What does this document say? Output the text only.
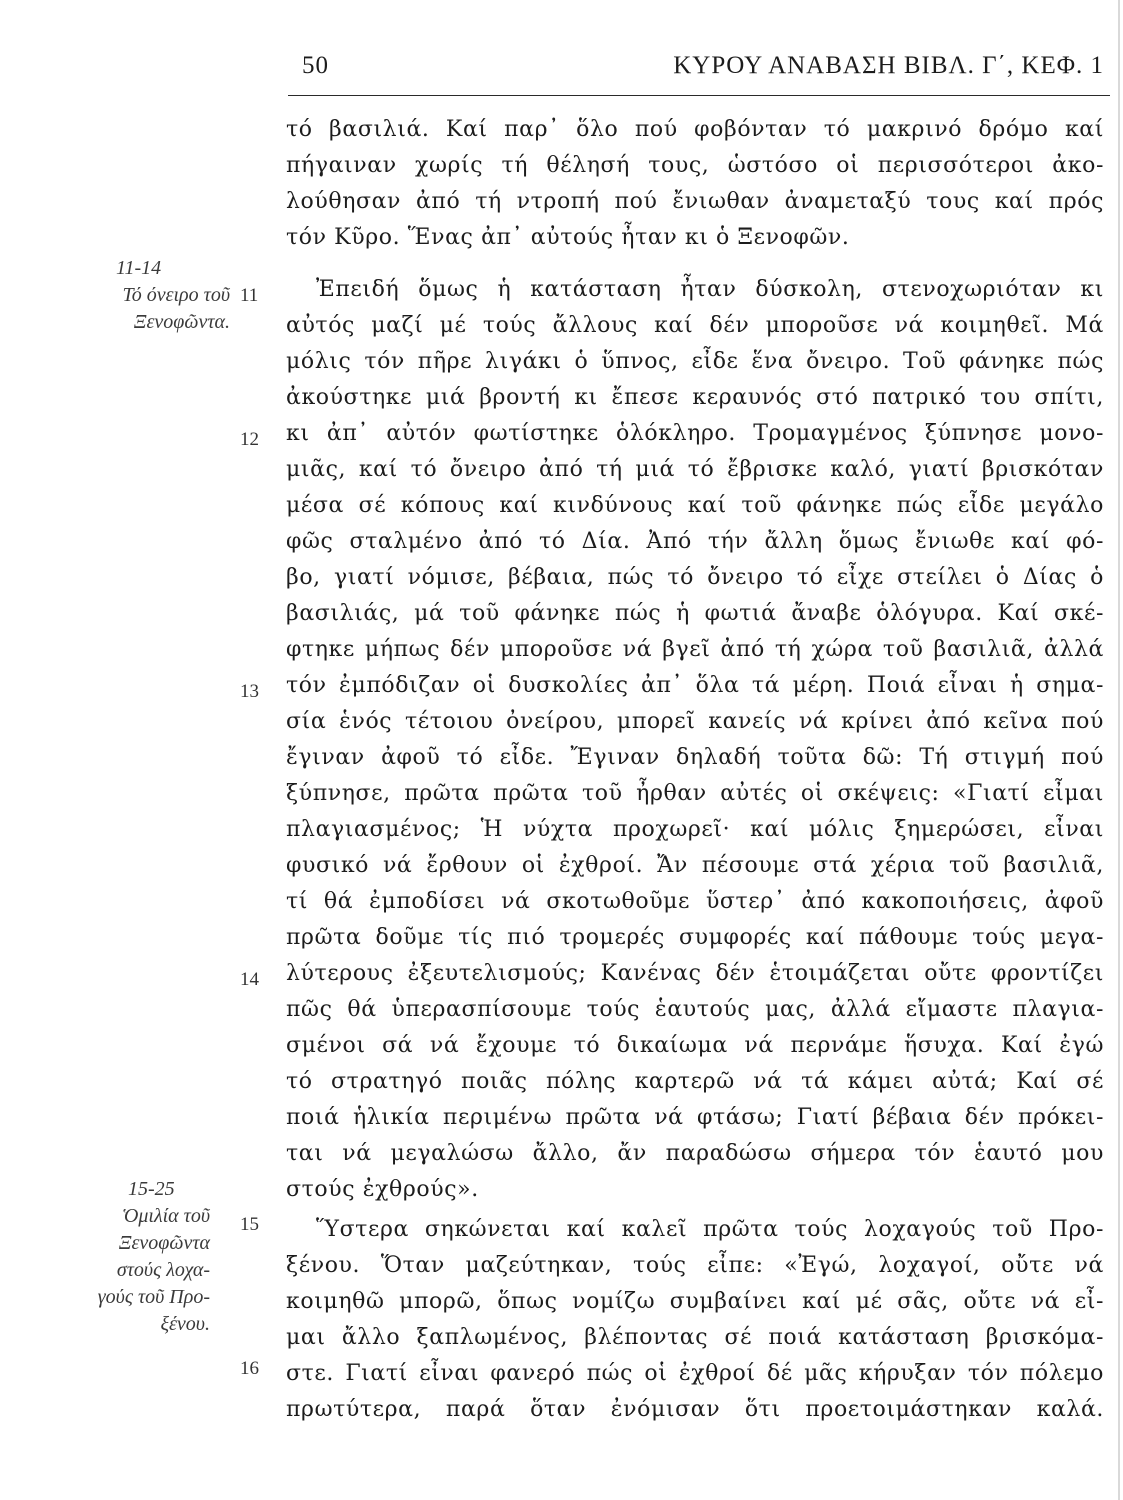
50	ΚΥΡΟΥ ΑΝΑΒΑΣΗ ΒΙΒΛ. Γ΄, ΚΕΦ. 1
11-14
Τό όνειρο τοῦ
Ξενοφῶντα.
15-25
Ὁμιλία τοῦ
Ξενοφῶντα
στούς λοχα-
γούς τοῦ Προ-
ξένου.
11
12
13
14
15
16
τό βασιλιά. Καί παρ᾿ ὅλο πού φοβόνταν τό μακρινό δρόμο καί
πήγαιναν χωρίς τή θέλησή τους, ὡστόσο οἱ περισσότεροι ἀκο-
λούθησαν ἀπό τή ντροπή πού ἔνιωθαν ἀναμεταξύ τους καί πρός
τόν Κῦρο. Ἕνας ἀπ᾿ αὐτούς ἦταν κι ὁ Ξενοφῶν.
Ἐπειδή ὅμως ἡ κατάσταση ἦταν δύσκολη, στενοχωριόταν κι
αὐτός μαζί μέ τούς ἄλλους καί δέν μποροῦσε νά κοιμηθεῖ. Μά
μόλις τόν πῆρε λιγάκι ὁ ὕπνος, εἶδε ἕνα ὄνειρο. Τοῦ φάνηκε πώς
ἀκούστηκε μιά βροντή κι ἔπεσε κεραυνός στό πατρικό του σπίτι,
κι ἀπ᾿ αὐτόν φωτίστηκε ὁλόκληρο. Τρομαγμένος ξύπνησε μονο-
μιᾶς, καί τό ὄνειρο ἀπό τή μιά τό ἔβρισκε καλό, γιατί βρισκόταν
μέσα σέ κόπους καί κινδύνους καί τοῦ φάνηκε πώς εἶδε μεγάλο
φῶς σταλμένο ἀπό τό Δία. Ἀπό τήν ἄλλη ὅμως ἔνιωθε καί φό-
βο, γιατί νόμισε, βέβαια, πώς τό ὄνειρο τό εἶχε στείλει ὁ Δίας ὁ
βασιλιάς, μά τοῦ φάνηκε πώς ἡ φωτιά ἄναβε ὁλόγυρα. Καί σκέ-
φτηκε μήπως δέν μποροῦσε νά βγεῖ ἀπό τή χώρα τοῦ βασιλιᾶ, ἀλλά
τόν ἐμπόδιζαν οἱ δυσκολίες ἀπ᾿ ὅλα τά μέρη. Ποιά εἶναι ἡ σημα-
σία ἑνός τέτοιου ὀνείρου, μπορεῖ κανείς νά κρίνει ἀπό κεῖνα πού
ἔγιναν ἀφοῦ τό εἶδε. Ἔγιναν δηλαδή τοῦτα δῶ: Τή στιγμή πού
ξύπνησε, πρῶτα πρῶτα τοῦ ἦρθαν αὐτές οἱ σκέψεις: «Γιατί εἶμαι
πλαγιασμένος; Ἡ νύχτα προχωρεῖ· καί μόλις ξημερώσει, εἶναι
φυσικό νά ἔρθουν οἱ ἐχθροί. Ἄν πέσουμε στά χέρια τοῦ βασιλιᾶ,
τί θά ἐμποδίσει νά σκοτωθοῦμε ὕστερ᾿ ἀπό κακοποιήσεις, ἀφοῦ
πρῶτα δοῦμε τίς πιό τρομερές συμφορές καί πάθουμε τούς μεγα-
λύτερους ἐξευτελισμούς; Κανένας δέν ἑτοιμάζεται οὔτε φροντίζει
πῶς θά ὑπερασπίσουμε τούς ἑαυτούς μας, ἀλλά εἴμαστε πλαγια-
σμένοι σά νά ἔχουμε τό δικαίωμα νά περνάμε ἥσυχα. Καί ἐγώ
τό στρατηγό ποιᾶς πόλης καρτερῶ νά τά κάμει αὐτά; Καί σέ
ποιά ἡλικία περιμένω πρῶτα νά φτάσω; Γιατί βέβαια δέν πρόκει-
ται νά μεγαλώσω ἄλλο, ἄν παραδώσω σήμερα τόν ἑαυτό μου
στούς ἐχθρούς».
Ὕστερα σηκώνεται καί καλεῖ πρῶτα τούς λοχαγούς τοῦ Προ-
ξένου. Ὅταν μαζεύτηκαν, τούς εἶπε: «Ἐγώ, λοχαγοί, οὔτε νά
κοιμηθῶ μπορῶ, ὅπως νομίζω συμβαίνει καί μέ σᾶς, οὔτε νά εἶ-
μαι ἄλλο ξαπλωμένος, βλέποντας σέ ποιά κατάσταση βρισκόμα-
στε. Γιατί εἶναι φανερό πώς οἱ ἐχθροί δέ μᾶς κήρυξαν τόν πόλεμο
πρωτύτερα, παρά ὅταν ἐνόμισαν ὅτι προετοιμάστηκαν καλά.
